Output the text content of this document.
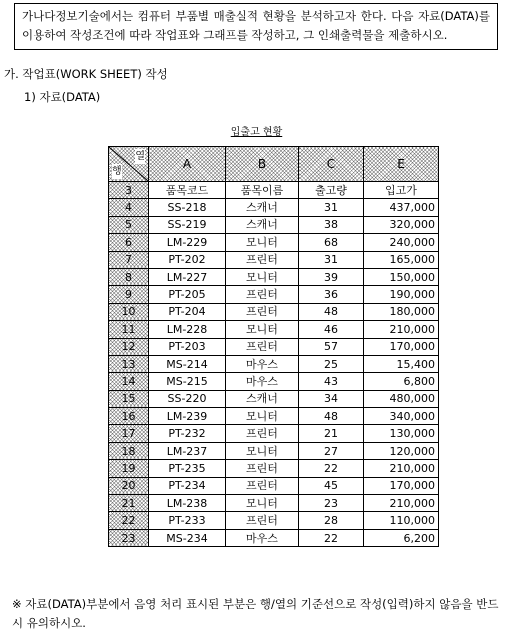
가나다정보기술에서는 컴퓨터 부품별 매출실적 현황을 분석하고자 한다. 다음 자료(DATA)를 이용하여 작성조건에 따라 작업표와 그래프를 작성하고, 그 인쇄출력물을 제출하시오.
가. 작업표(WORK SHEET) 작성
1) 자료(DATA)
입출고 현황
열
행	A	B	C	E
3	품목코드	품목이름	출고량	입고가
4	SS-218	스캐너	31	437,000
5	SS-219	스캐너	38	320,000
6	LM-229	모니터	68	240,000
7	PT-202	프린터	31	165,000
8	LM-227	모니터	39	150,000
9	PT-205	프린터	36	190,000
10	PT-204	프린터	48	180,000
11	LM-228	모니터	46	210,000
12	PT-203	프린터	57	170,000
13	MS-214	마우스	25	15,400
14	MS-215	마우스	43	6,800
15	SS-220	스캐너	34	480,000
16	LM-239	모니터	48	340,000
17	PT-232	프린터	21	130,000
18	LM-237	모니터	27	120,000
19	PT-235	프린터	22	210,000
20	PT-234	프린터	45	170,000
21	LM-238	모니터	23	210,000
22	PT-233	프린터	28	110,000
23	MS-234	마우스	22	6,200
※ 자료(DATA)부분에서 음영 처리 표시된 부분은 행/열의 기준선으로 작성(입력)하지 않음을 반드시 유의하시오.
